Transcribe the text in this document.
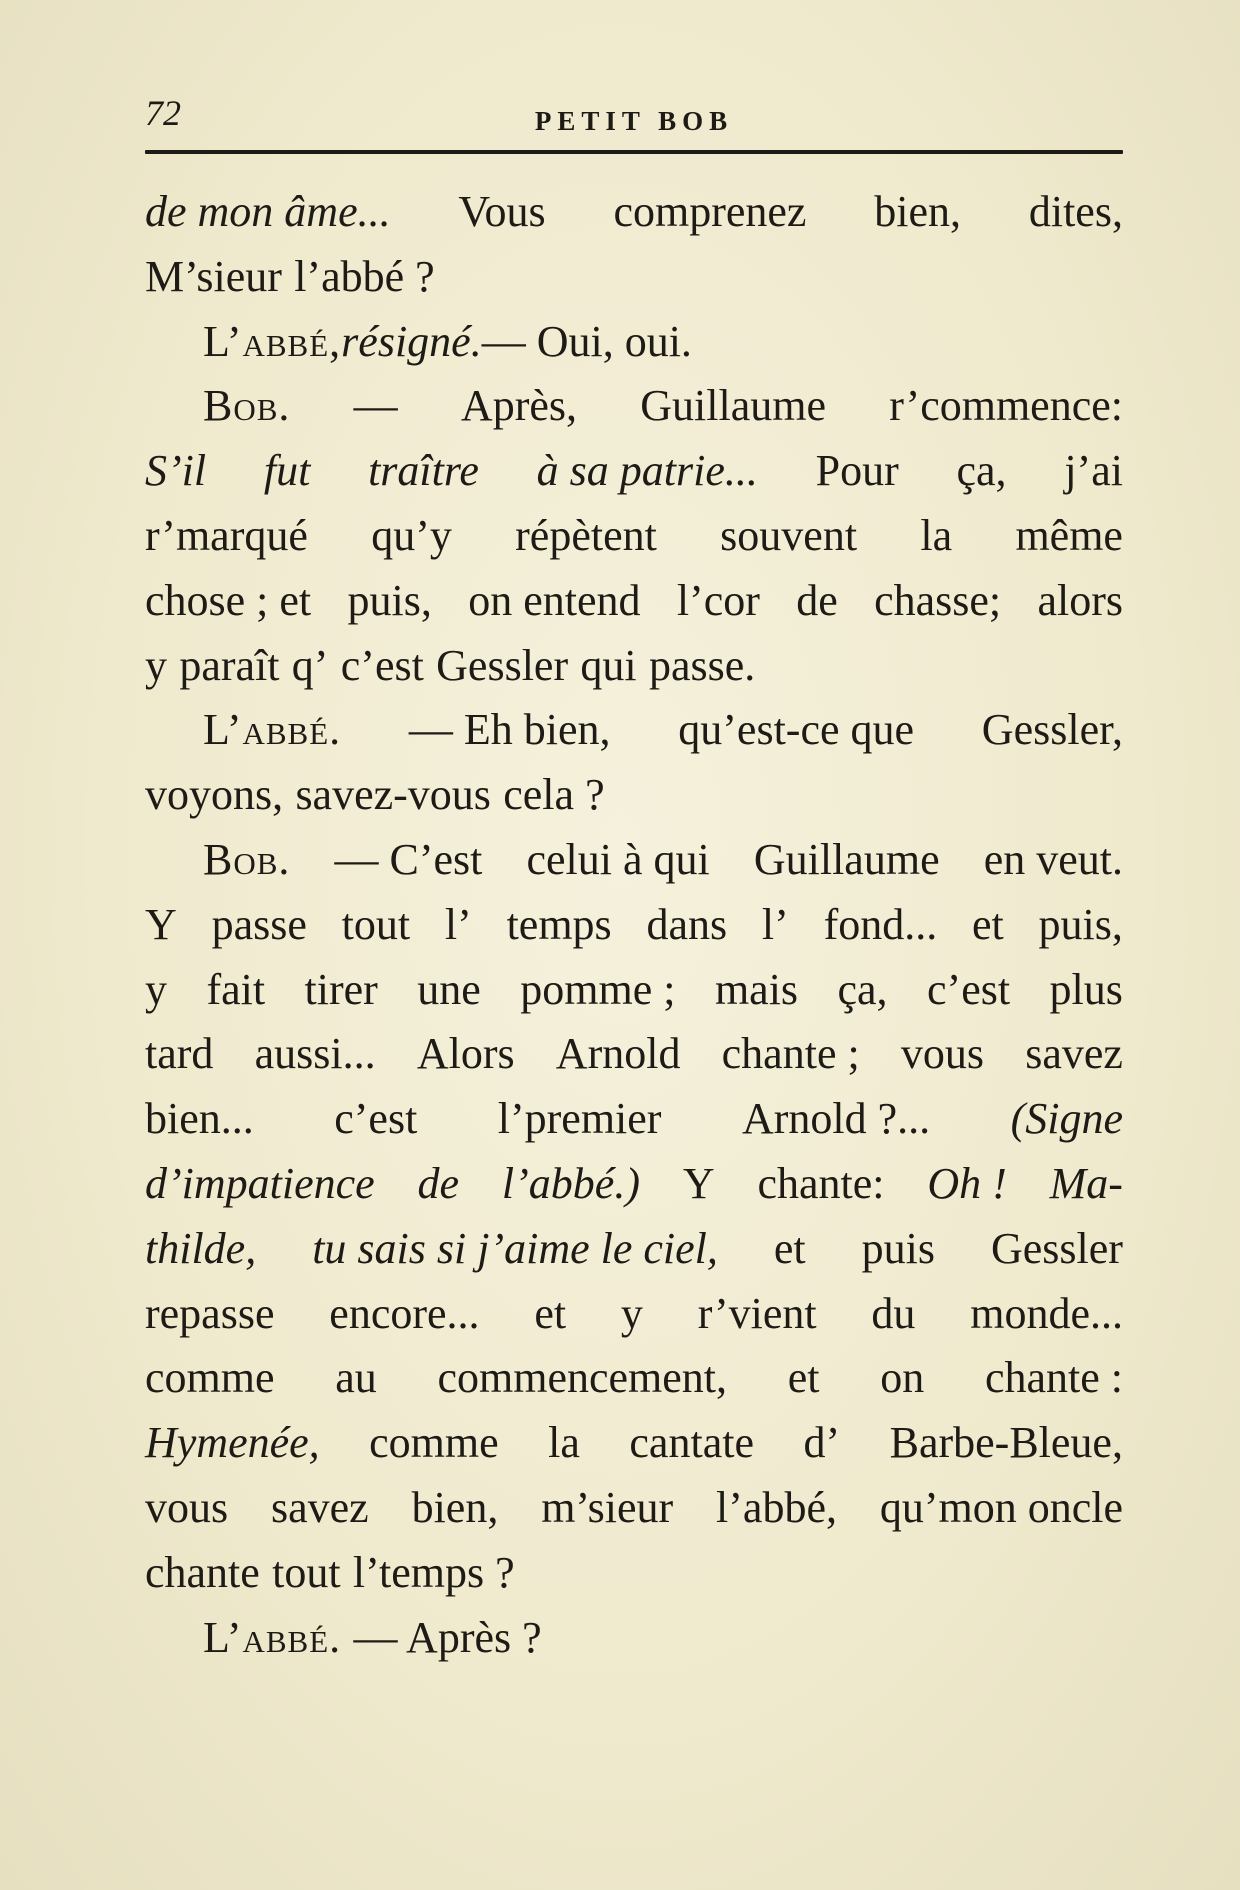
72	PETIT BOB
de mon âme... Vous comprenez bien, dites,
M’sieur l’abbé ?
L’abbé, résigné. — Oui, oui.
Bob. — Après, Guillaume r’commence:
S’il fut traître à sa patrie... Pour ça, j’ai
r’marqué qu’y répètent souvent la même
chose ; et puis, on entend l’cor de chasse; alors
y paraît q’ c’est Gessler qui passe.
L’abbé. — Eh bien, qu’est-ce que Gessler,
voyons, savez-vous cela ?
Bob. — C’est celui à qui Guillaume en veut.
Y passe tout l’ temps dans l’ fond... et puis,
y fait tirer une pomme ; mais ça, c’est plus
tard aussi... Alors Arnold chante ; vous savez
bien... c’est l’premier Arnold ?... (Signe
d’impatience de l’abbé.) Y chante: Oh ! Ma-
thilde, tu sais si j’aime le ciel, et puis Gessler
repasse encore... et y r’vient du monde...
comme au commencement, et on chante :
Hymenée, comme la cantate d’ Barbe-Bleue,
vous savez bien, m’sieur l’abbé, qu’mon oncle
chante tout l’temps ?
L’abbé. — Après ?
